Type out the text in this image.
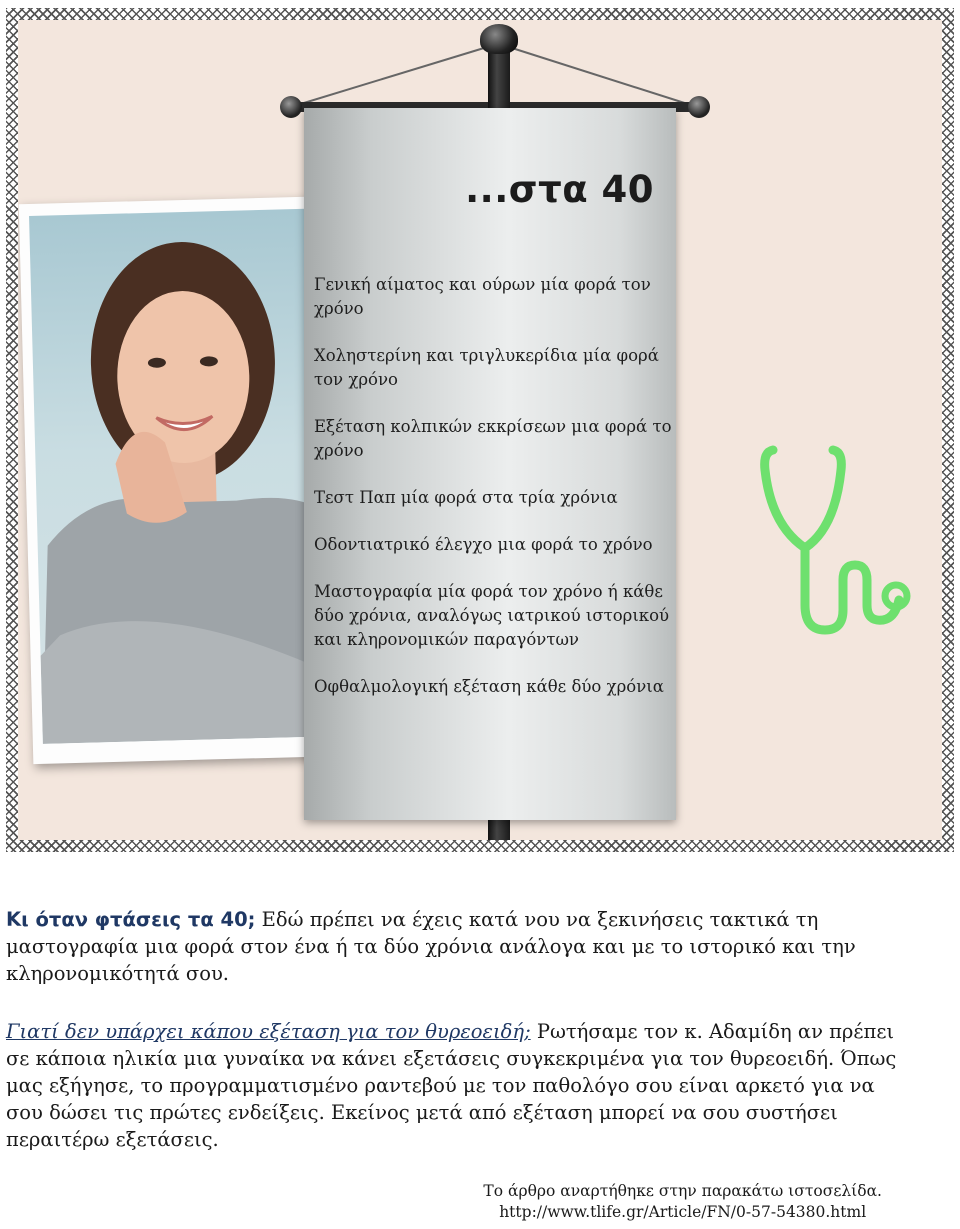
...στα 40
Γενική αίματος και ούρων μία φορά τον χρόνο
Χοληστερίνη και τριγλυκερίδια μία φορά τον χρόνο
Εξέταση κολπικών εκκρίσεων μια φορά το χρόνο
Τεστ Παπ μία φορά στα τρία χρόνια
Οδοντιατρικό έλεγχο μια φορά το χρόνο
Μαστογραφία μία φορά τον χρόνο ή κάθε δύο χρόνια, αναλόγως ιατρικού ιστορικού και κληρονομικών παραγόντων
Οφθαλμολογική εξέταση κάθε δύο χρόνια

Κι όταν φτάσεις τα 40; Εδώ πρέπει να έχεις κατά νου να ξεκινήσεις τακτικά τη μαστογραφία μια φορά στον ένα ή τα δύο χρόνια ανάλογα και με το ιστορικό και την κληρονομικότητά σου.

Γιατί δεν υπάρχει κάπου εξέταση για τον θυρεοειδή; Ρωτήσαμε τον κ. Αδαμίδη αν πρέπει σε κάποια ηλικία μια γυναίκα να κάνει εξετάσεις συγκεκριμένα για τον θυρεοειδή. Όπως μας εξήγησε, το προγραμματισμένο ραντεβού με τον παθολόγο σου είναι αρκετό για να σου δώσει τις πρώτες ενδείξεις. Εκείνος μετά από εξέταση μπορεί να σου συστήσει περαιτέρω εξετάσεις.

Το άρθρο αναρτήθηκε στην παρακάτω ιστοσελίδα.
http://www.tlife.gr/Article/FN/0-57-54380.html
